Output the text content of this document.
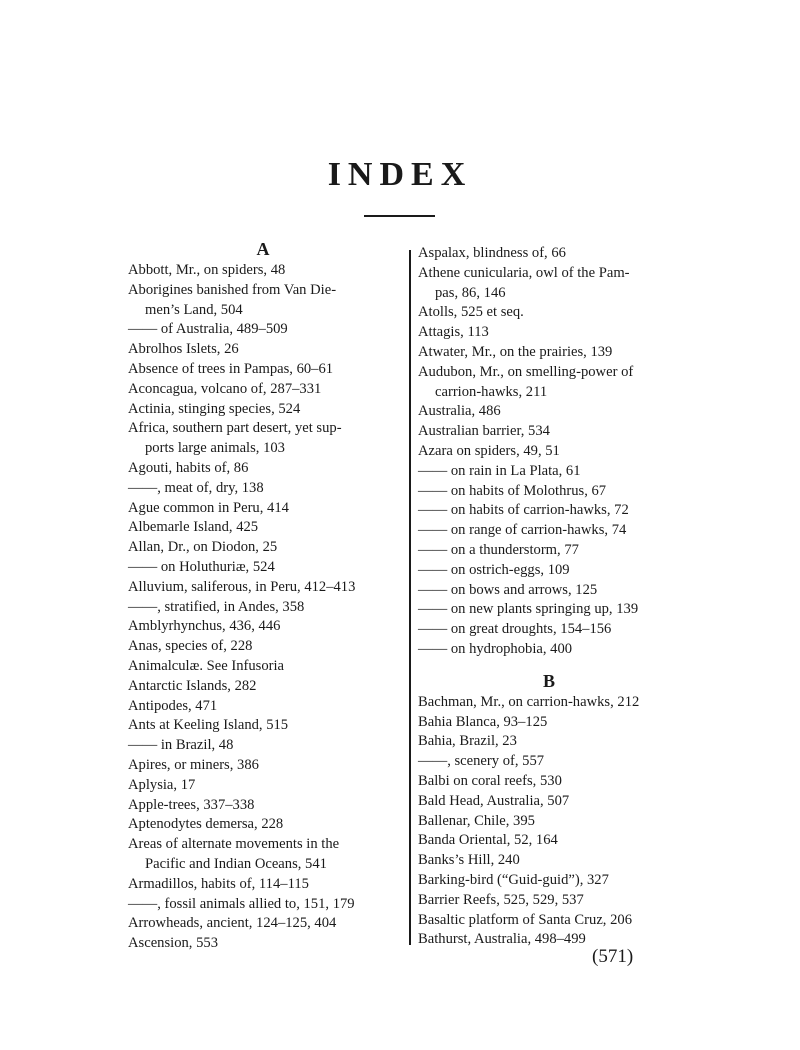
INDEX
A
Abbott, Mr., on spiders, 48
Aborigines banished from Van Die-
men’s Land, 504
—— of Australia, 489–509
Abrolhos Islets, 26
Absence of trees in Pampas, 60–61
Aconcagua, volcano of, 287–331
Actinia, stinging species, 524
Africa, southern part desert, yet sup-
ports large animals, 103
Agouti, habits of, 86
——, meat of, dry, 138
Ague common in Peru, 414
Albemarle Island, 425
Allan, Dr., on Diodon, 25
—— on Holuthuriæ, 524
Alluvium, saliferous, in Peru, 412–413
——, stratified, in Andes, 358
Amblyrhynchus, 436, 446
Anas, species of, 228
Animalculæ. See Infusoria
Antarctic Islands, 282
Antipodes, 471
Ants at Keeling Island, 515
—— in Brazil, 48
Apires, or miners, 386
Aplysia, 17
Apple-trees, 337–338
Aptenodytes demersa, 228
Areas of alternate movements in the
Pacific and Indian Oceans, 541
Armadillos, habits of, 114–115
——, fossil animals allied to, 151, 179
Arrowheads, ancient, 124–125, 404
Ascension, 553
Aspalax, blindness of, 66
Athene cunicularia, owl of the Pam-
pas, 86, 146
Atolls, 525 et seq.
Attagis, 113
Atwater, Mr., on the prairies, 139
Audubon, Mr., on smelling-power of
carrion-hawks, 211
Australia, 486
Australian barrier, 534
Azara on spiders, 49, 51
—— on rain in La Plata, 61
—— on habits of Molothrus, 67
—— on habits of carrion-hawks, 72
—— on range of carrion-hawks, 74
—— on a thunderstorm, 77
—— on ostrich-eggs, 109
—— on bows and arrows, 125
—— on new plants springing up, 139
—— on great droughts, 154–156
—— on hydrophobia, 400
B
Bachman, Mr., on carrion-hawks, 212
Bahia Blanca, 93–125
Bahia, Brazil, 23
——, scenery of, 557
Balbi on coral reefs, 530
Bald Head, Australia, 507
Ballenar, Chile, 395
Banda Oriental, 52, 164
Banks’s Hill, 240
Barking-bird (“Guid-guid”), 327
Barrier Reefs, 525, 529, 537
Basaltic platform of Santa Cruz, 206
Bathurst, Australia, 498–499
(571)
